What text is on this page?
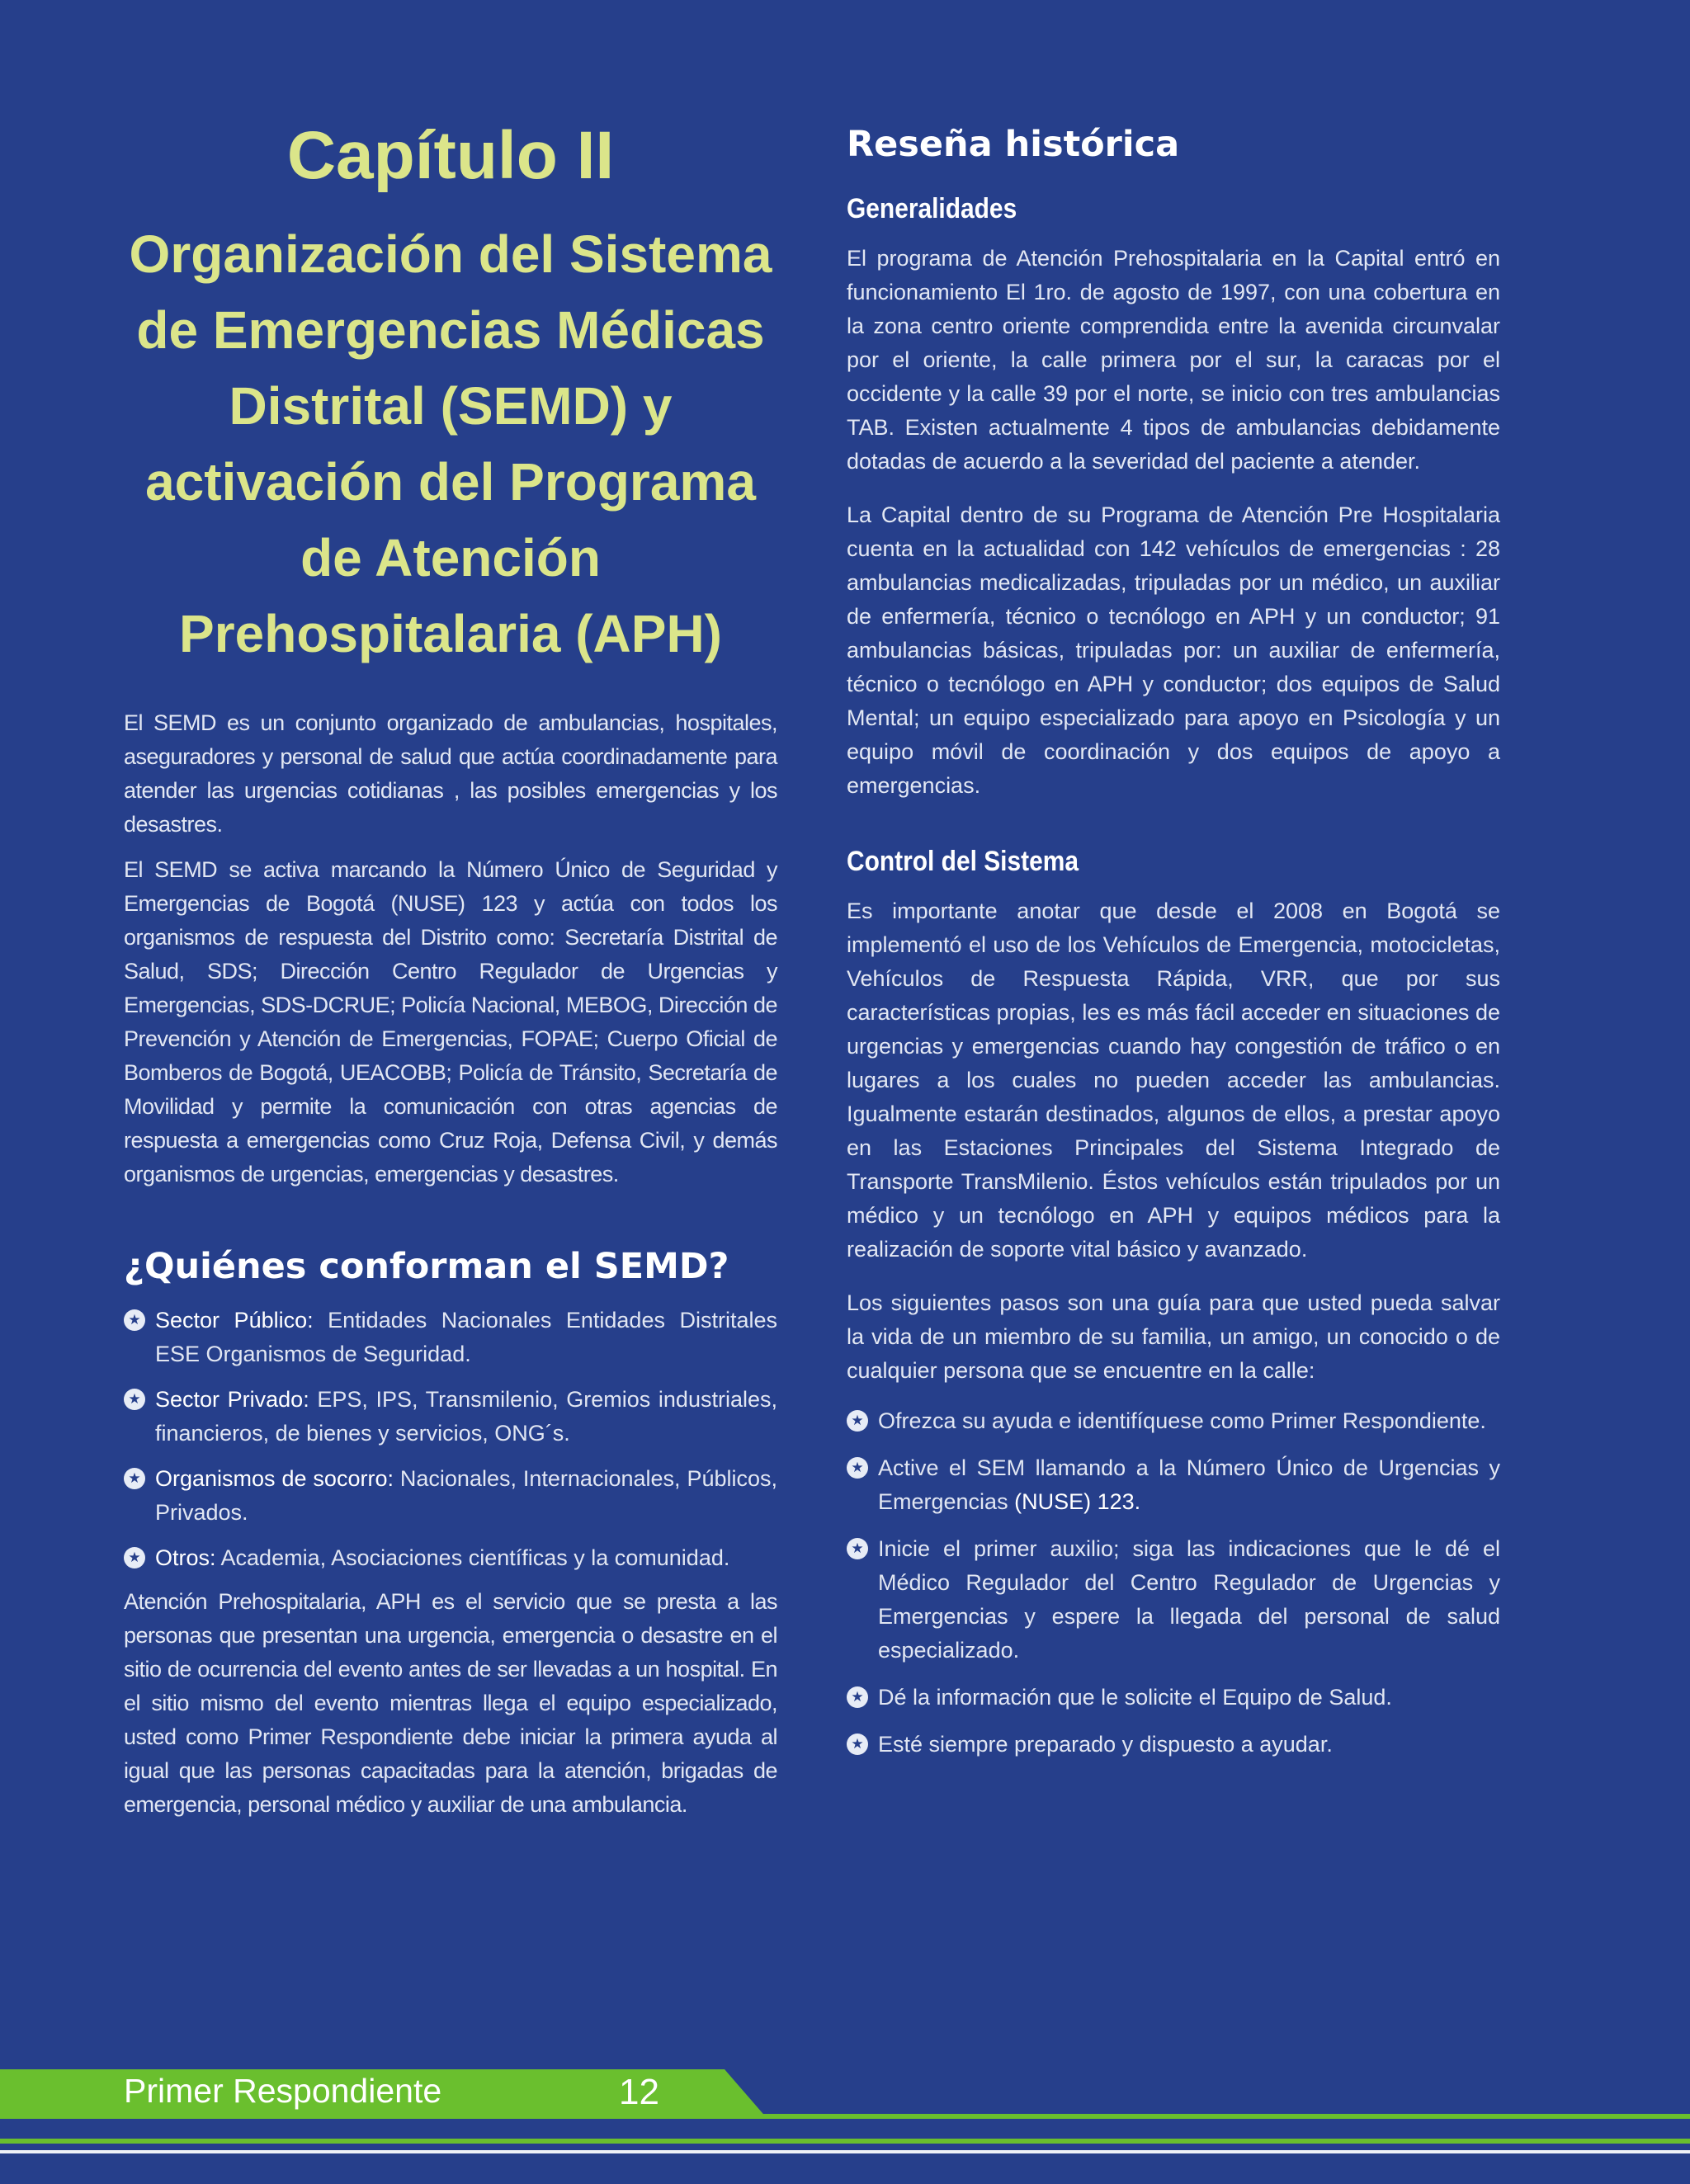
Capítulo II
Organización del Sistema
de Emergencias Médicas
Distrital (SEMD) y
activación del Programa
de Atención
Prehospitalaria (APH)

El SEMD es un conjunto organizado de ambulancias, hospitales, aseguradores y personal de salud que actúa coordinadamente para atender las urgencias cotidianas , las posibles emergencias y los desastres.

El SEMD se activa marcando la Número Único de Seguridad y Emergencias de Bogotá (NUSE) 123 y actúa con todos los organismos de respuesta del Distrito como: Secretaría Distrital de Salud, SDS; Dirección Centro Regulador de Urgencias y Emergencias, SDS-DCRUE; Policía Nacional, MEBOG, Dirección de Prevención y Atención de Emergencias, FOPAE; Cuerpo Oficial de Bomberos de Bogotá, UEACOBB; Policía de Tránsito, Secretaría de Movilidad y permite la comunicación con otras agencias de respuesta a emergencias como Cruz Roja, Defensa Civil, y demás organismos de urgencias, emergencias y desastres.

¿Quiénes conforman el SEMD?
★ Sector Público: Entidades Nacionales Entidades Distritales ESE Organismos de Seguridad.
★ Sector Privado: EPS, IPS, Transmilenio, Gremios industriales, financieros, de bienes y servicios, ONG´s.
★ Organismos de socorro: Nacionales, Internacionales, Públicos, Privados.
★ Otros: Academia, Asociaciones científicas y la comunidad.

Atención Prehospitalaria, APH es el servicio que se presta a las personas que presentan una urgencia, emergencia o desastre en el sitio de ocurrencia del evento antes de ser llevadas a un hospital. En el sitio mismo del evento mientras llega el equipo especializado, usted como Primer Respondiente debe iniciar la primera ayuda al igual que las personas capacitadas para la atención, brigadas de emergencia, personal médico y auxiliar de una ambulancia.

Reseña histórica
Generalidades

El programa de Atención Prehospitalaria en la Capital entró en funcionamiento El 1ro. de agosto de 1997, con una cobertura en la zona centro oriente comprendida entre la avenida circunvalar por el oriente, la calle primera por el sur, la caracas por el occidente y la calle 39 por el norte, se inicio con tres ambulancias TAB. Existen actualmente 4 tipos de ambulancias debidamente dotadas de acuerdo a la severidad del paciente a atender.

La Capital dentro de su Programa de Atención Pre Hospitalaria cuenta en la actualidad con 142 vehículos de emergencias : 28 ambulancias medicalizadas, tripuladas por un médico, un auxiliar de enfermería, técnico o tecnólogo en APH y un conductor; 91 ambulancias básicas, tripuladas por: un auxiliar de enfermería, técnico o tecnólogo en APH y conductor; dos equipos de Salud Mental; un equipo especializado para apoyo en Psicología y un equipo móvil de coordinación y dos equipos de apoyo a emergencias.

Control del Sistema

Es importante anotar que desde el 2008 en Bogotá se implementó el uso de los Vehículos de Emergencia, motocicletas, Vehículos de Respuesta Rápida, VRR, que por sus características propias, les es más fácil acceder en situaciones de urgencias y emergencias cuando hay congestión de tráfico o en lugares a los cuales no pueden acceder las ambulancias. Igualmente estarán destinados, algunos de ellos, a prestar apoyo en las Estaciones Principales del Sistema Integrado de Transporte TransMilenio. Éstos vehículos están tripulados por un médico y un tecnólogo en APH y equipos médicos para la realización de soporte vital básico y avanzado.

Los siguientes pasos son una guía para que usted pueda salvar la vida de un miembro de su familia, un amigo, un conocido o de cualquier persona que se encuentre en la calle:

★ Ofrezca su ayuda e identifíquese como Primer Respondiente.
★ Active el SEM llamando a la Número Único de Urgencias y Emergencias (NUSE) 123.
★ Inicie el primer auxilio; siga las indicaciones que le dé el Médico Regulador del Centro Regulador de Urgencias y Emergencias y espere la llegada del personal de salud especializado.
★ Dé la información que le solicite el Equipo de Salud.
★ Esté siempre preparado y dispuesto a ayudar.
Primer Respondiente	12
